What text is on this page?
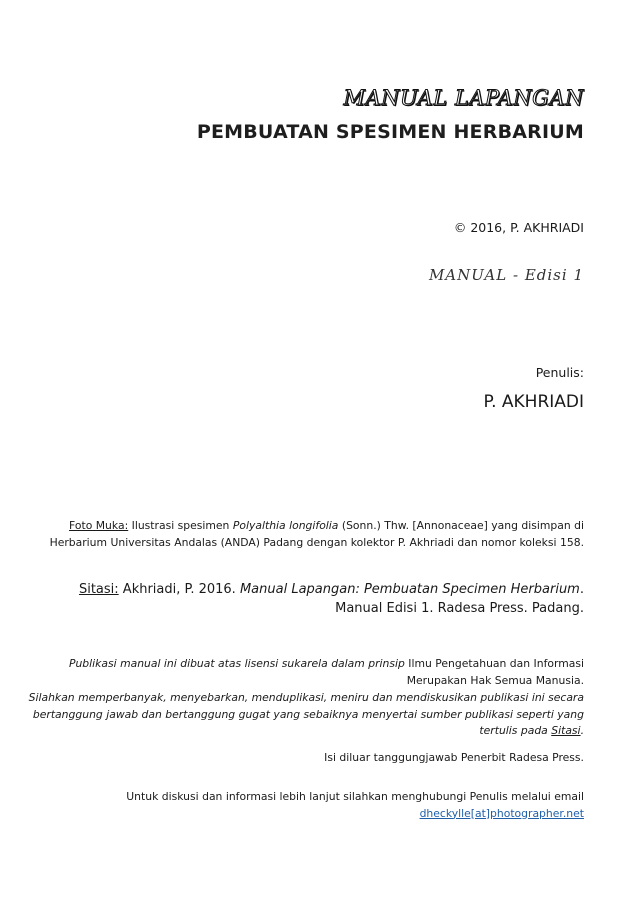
MANUAL LAPANGAN
PEMBUATAN SPESIMEN HERBARIUM
© 2016, P. AKHRIADI
MANUAL - Edisi 1
Penulis:
P. AKHRIADI
Foto Muka: Ilustrasi spesimen Polyalthia longifolia (Sonn.) Thw. [Annonaceae] yang disimpan di Herbarium Universitas Andalas (ANDA) Padang dengan kolektor P. Akhriadi dan nomor koleksi 158.
Sitasi: Akhriadi, P. 2016. Manual Lapangan: Pembuatan Specimen Herbarium. Manual Edisi 1. Radesa Press. Padang.
Publikasi manual ini dibuat atas lisensi sukarela dalam prinsip Ilmu Pengetahuan dan Informasi Merupakan Hak Semua Manusia.
Silahkan memperbanyak, menyebarkan, menduplikasi, meniru dan mendiskusikan publikasi ini secara bertanggung jawab dan bertanggung gugat yang sebaiknya menyertai sumber publikasi seperti yang tertulis pada Sitasi.
Isi diluar tanggungjawab Penerbit Radesa Press.
Untuk diskusi dan informasi lebih lanjut silahkan menghubungi Penulis melalui email
dheckylle[at]photographer.net
